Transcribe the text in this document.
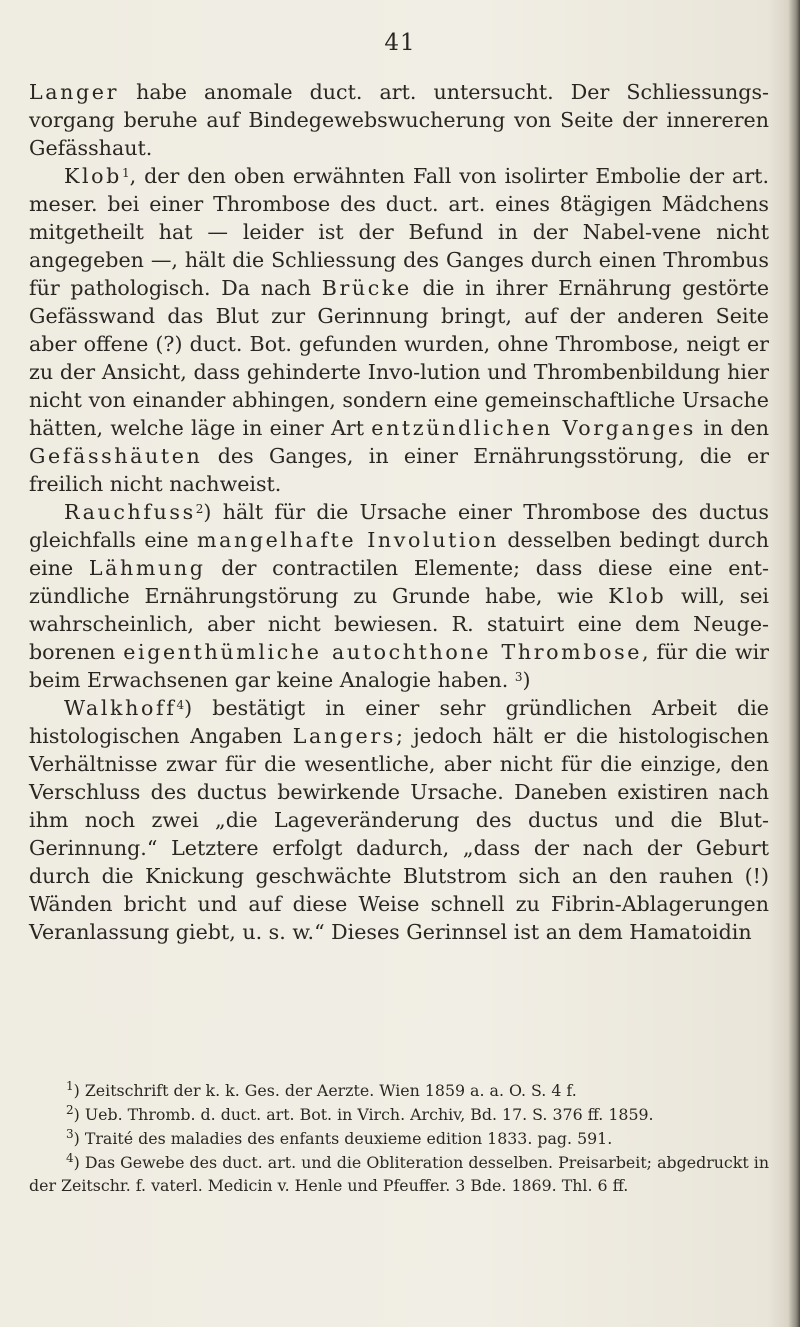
41

Langer habe anomale duct. art. untersucht. Der Schliessungs-vorgang beruhe auf Bindegewebswucherung von Seite der innereren Gefässhaut.

Klob$^1$, der den oben erwähnten Fall von isolirter Embolie der art. meser. bei einer Thrombose des duct. art. eines 8tägigen Mädchens mitgetheilt hat — leider ist der Befund in der Nabel-vene nicht angegeben —, hält die Schliessung des Ganges durch einen Thrombus für pathologisch. Da nach Brücke die in ihrer Ernährung gestörte Gefässwand das Blut zur Gerinnung bringt, auf der anderen Seite aber offene (?) duct. Bot. gefunden wurden, ohne Thrombose, neigt er zu der Ansicht, dass gehinderte Invo-lution und Thrombenbildung hier nicht von einander abhingen, sondern eine gemeinschaftliche Ursache hätten, welche läge in einer Art entzündlichen Vorganges in den Gefässhäuten des Ganges, in einer Ernährungsstörung, die er freilich nicht nachweist.

Rauchfuss$^2$) hält für die Ursache einer Thrombose des ductus gleichfalls eine mangelhafte Involution desselben bedingt durch eine Lähmung der contractilen Elemente; dass diese eine ent-zündliche Ernährungstörung zu Grunde habe, wie Klob will, sei wahrscheinlich, aber nicht bewiesen. R. statuirt eine dem Neuge-borenen eigenthümliche autochthone Thrombose, für die wir beim Erwachsenen gar keine Analogie haben. $^3$)

Walkhoff$^4$) bestätigt in einer sehr gründlichen Arbeit die histologischen Angaben Langers; jedoch hält er die histologischen Verhältnisse zwar für die wesentliche, aber nicht für die einzige, den Verschluss des ductus bewirkende Ursache. Daneben existiren nach ihm noch zwei „die Lageveränderung des ductus und die Blut-Gerinnung.“ Letztere erfolgt dadurch, „dass der nach der Geburt durch die Knickung geschwächte Blutstrom sich an den rauhen (!) Wänden bricht und auf diese Weise schnell zu Fibrin-Ablagerungen Veranlassung giebt, u. s. w.“ Dieses Gerinnsel ist an dem Hamatoidin

$^1$) Zeitschrift der k. k. Ges. der Aerzte. Wien 1859 a. a. O. S. 4 f.

$^2$) Ueb. Thromb. d. duct. art. Bot. in Virch. Archiv, Bd. 17. S. 376 ff. 1859.

$^3$) Traité des maladies des enfants deuxieme edition 1833. pag. 591.

$^4$) Das Gewebe des duct. art. und die Obliteration desselben. Preisarbeit; abgedruckt in der Zeitschr. f. vaterl. Medicin v. Henle und Pfeuffer. 3 Bde. 1869. Thl. 6 ff.
